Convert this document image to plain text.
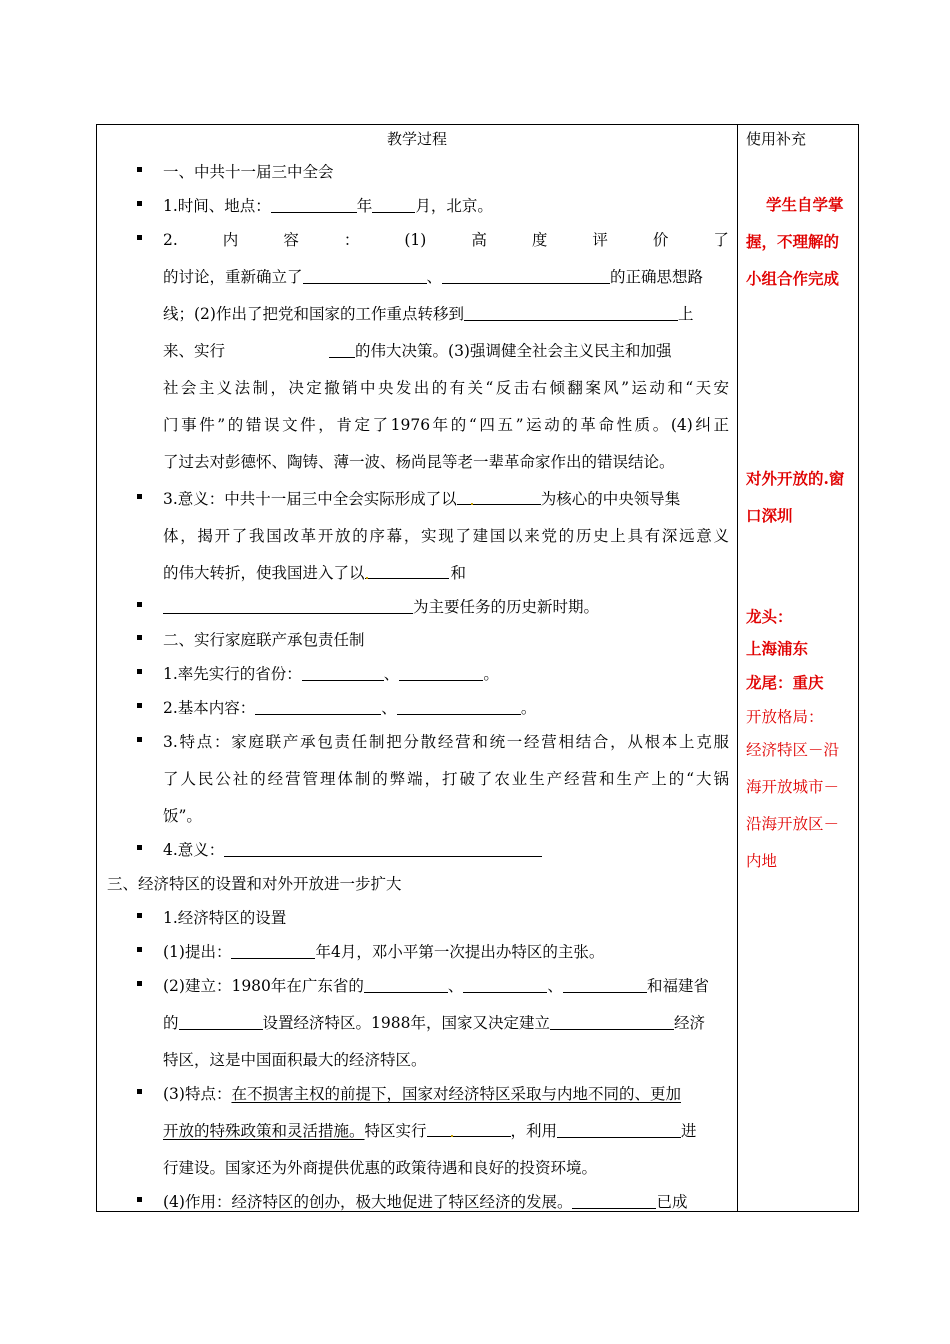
教学过程
一、中共十一届三中全会
1.时间、地点：	年	月，北京。
2.	内	容	：	(1)	高	度	评	价	了
的讨论，重新确立了	、	的正确思想路
线；(2)作出了把党和国家的工作重点转移到	上
来、实行	的伟大决策。(3)强调健全社会主义民主和加强
社会主义法制，决定撤销中央发出的有关“反击右倾翻案风”运动和“天安
门事件”的错误文件，肯定了1976年的“四五”运动的革命性质。(4)纠正
了过去对彭德怀、陶铸、薄一波、杨尚昆等老一辈革命家作出的错误结论。
3.意义：中共十一届三中全会实际形成了以	为核心的中央领导集
体，揭开了我国改革开放的序幕，实现了建国以来党的历史上具有深远意义
的伟大转折，使我国进入了以	和
为主要任务的历史新时期。
二、实行家庭联产承包责任制
1.率先实行的省份：	、	。
2.基本内容：	、	。
3.特点：家庭联产承包责任制把分散经营和统一经营相结合，从根本上克服
了人民公社的经营管理体制的弊端，打破了农业生产经营和生产上的“大锅
饭”。
4.意义：
三、经济特区的设置和对外开放进一步扩大
1.经济特区的设置
(1)提出：	年4月，邓小平第一次提出办特区的主张。
(2)建立：1980年在广东省的	、	、	和福建省
的	设置经济特区。1988年，国家又决定建立	经济
特区，这是中国面积最大的经济特区。
(3)特点：在不损害主权的前提下，国家对经济特区采取与内地不同的、更加
开放的特殊政策和灵活措施。特区实行	，利用	进
行建设。国家还为外商提供优惠的政策待遇和良好的投资环境。
(4)作用：经济特区的创办，极大地促进了特区经济的发展。	已成
使用补充
学生自学掌
握，不理解的
小组合作完成
对外开放的.窗
口深圳
龙头：
上海浦东
龙尾：重庆
开放格局：
经济特区－沿
海开放城市－
沿海开放区－
内地
